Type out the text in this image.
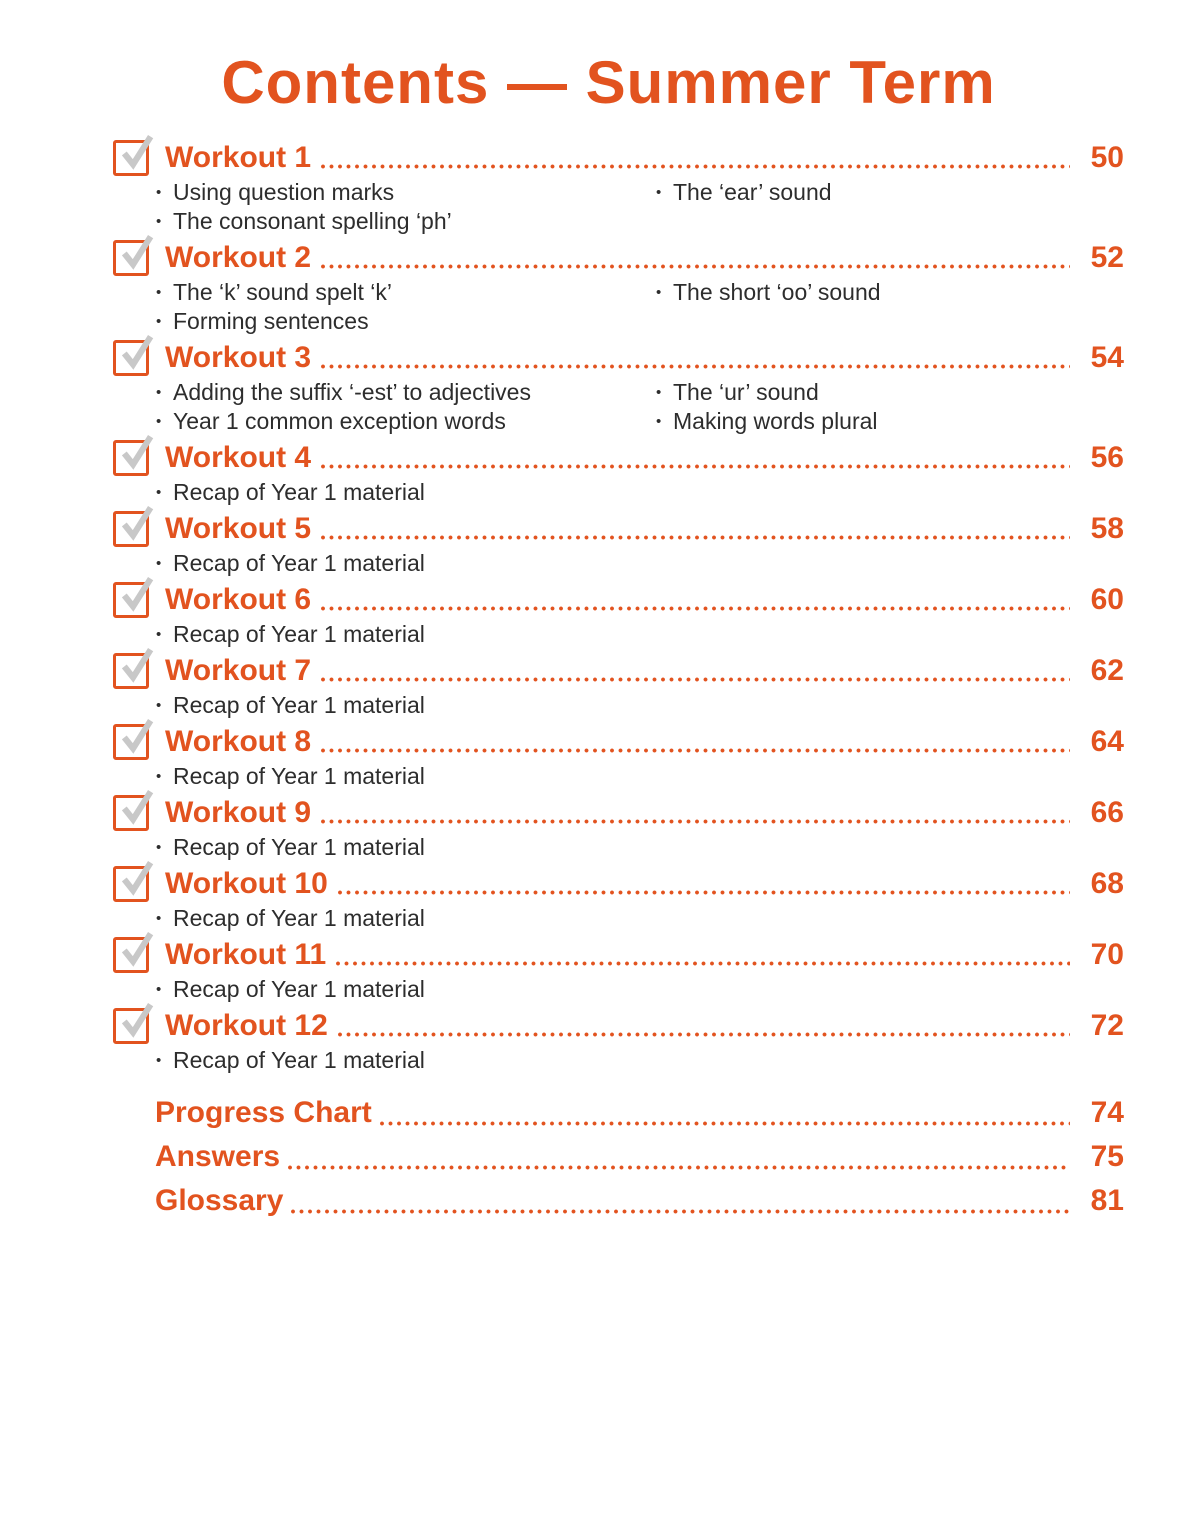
Contents — Summer Term
Workout 1	50
• Using question marks
• The consonant spelling ‘ph’
• The ‘ear’ sound
Workout 2	52
• The ‘k’ sound spelt ‘k’
• Forming sentences
• The short ‘oo’ sound
Workout 3	54
• Adding the suffix ‘-est’ to adjectives
• Year 1 common exception words
• The ‘ur’ sound
• Making words plural
Workout 4	56
• Recap of Year 1 material
Workout 5	58
• Recap of Year 1 material
Workout 6	60
• Recap of Year 1 material
Workout 7	62
• Recap of Year 1 material
Workout 8	64
• Recap of Year 1 material
Workout 9	66
• Recap of Year 1 material
Workout 10	68
• Recap of Year 1 material
Workout 11	70
• Recap of Year 1 material
Workout 12	72
• Recap of Year 1 material
Progress Chart	74
Answers	75
Glossary	81
